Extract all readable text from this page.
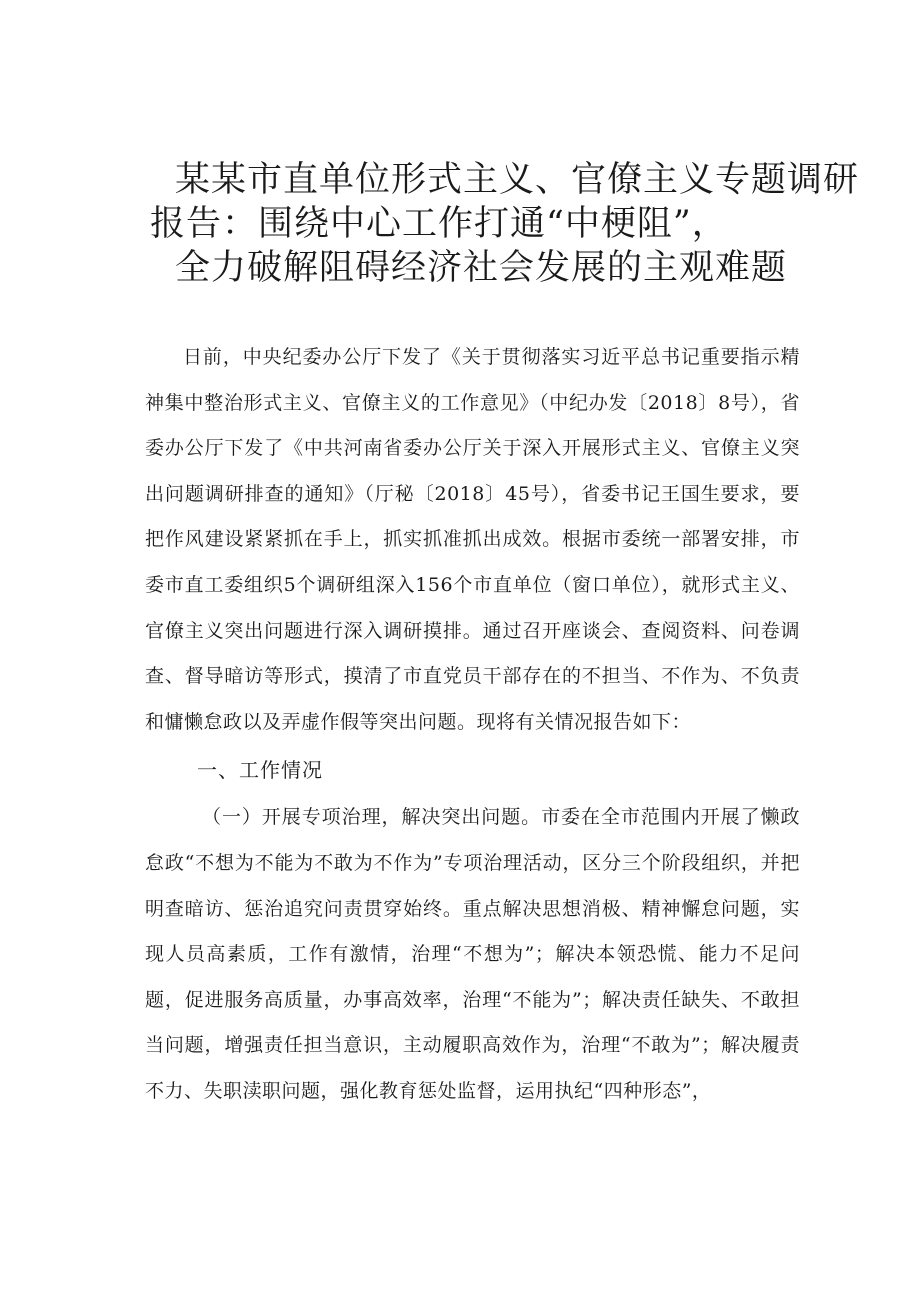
某某市直单位形式主义、官僚主义专题调研
报告：围绕中心工作打通“中梗阻”，
全力破解阻碍经济社会发展的主观难题

日前，中央纪委办公厅下发了《关于贯彻落实习近平总书记重要指示精神集中整治形式主义、官僚主义的工作意见》（中纪办发〔2018〕8号），省委办公厅下发了《中共河南省委办公厅关于深入开展形式主义、官僚主义突出问题调研排查的通知》（厅秘〔2018〕45号），省委书记王国生要求，要把作风建设紧紧抓在手上，抓实抓准抓出成效。根据市委统一部署安排，市委市直工委组织5个调研组深入156个市直单位（窗口单位），就形式主义、官僚主义突出问题进行深入调研摸排。通过召开座谈会、查阅资料、问卷调查、督导暗访等形式，摸清了市直党员干部存在的不担当、不作为、不负责和慵懒怠政以及弄虚作假等突出问题。现将有关情况报告如下：

一、工作情况

（一）开展专项治理，解决突出问题。市委在全市范围内开展了懒政怠政“不想为不能为不敢为不作为”专项治理活动，区分三个阶段组织，并把明查暗访、惩治追究问责贯穿始终。重点解决思想消极、精神懈怠问题，实现人员高素质，工作有激情，治理“不想为”；解决本领恐慌、能力不足问题，促进服务高质量，办事高效率，治理“不能为”；解决责任缺失、不敢担当问题，增强责任担当意识，主动履职高效作为，治理“不敢为”；解决履责不力、失职渎职问题，强化教育惩处监督，运用执纪“四种形态”，
